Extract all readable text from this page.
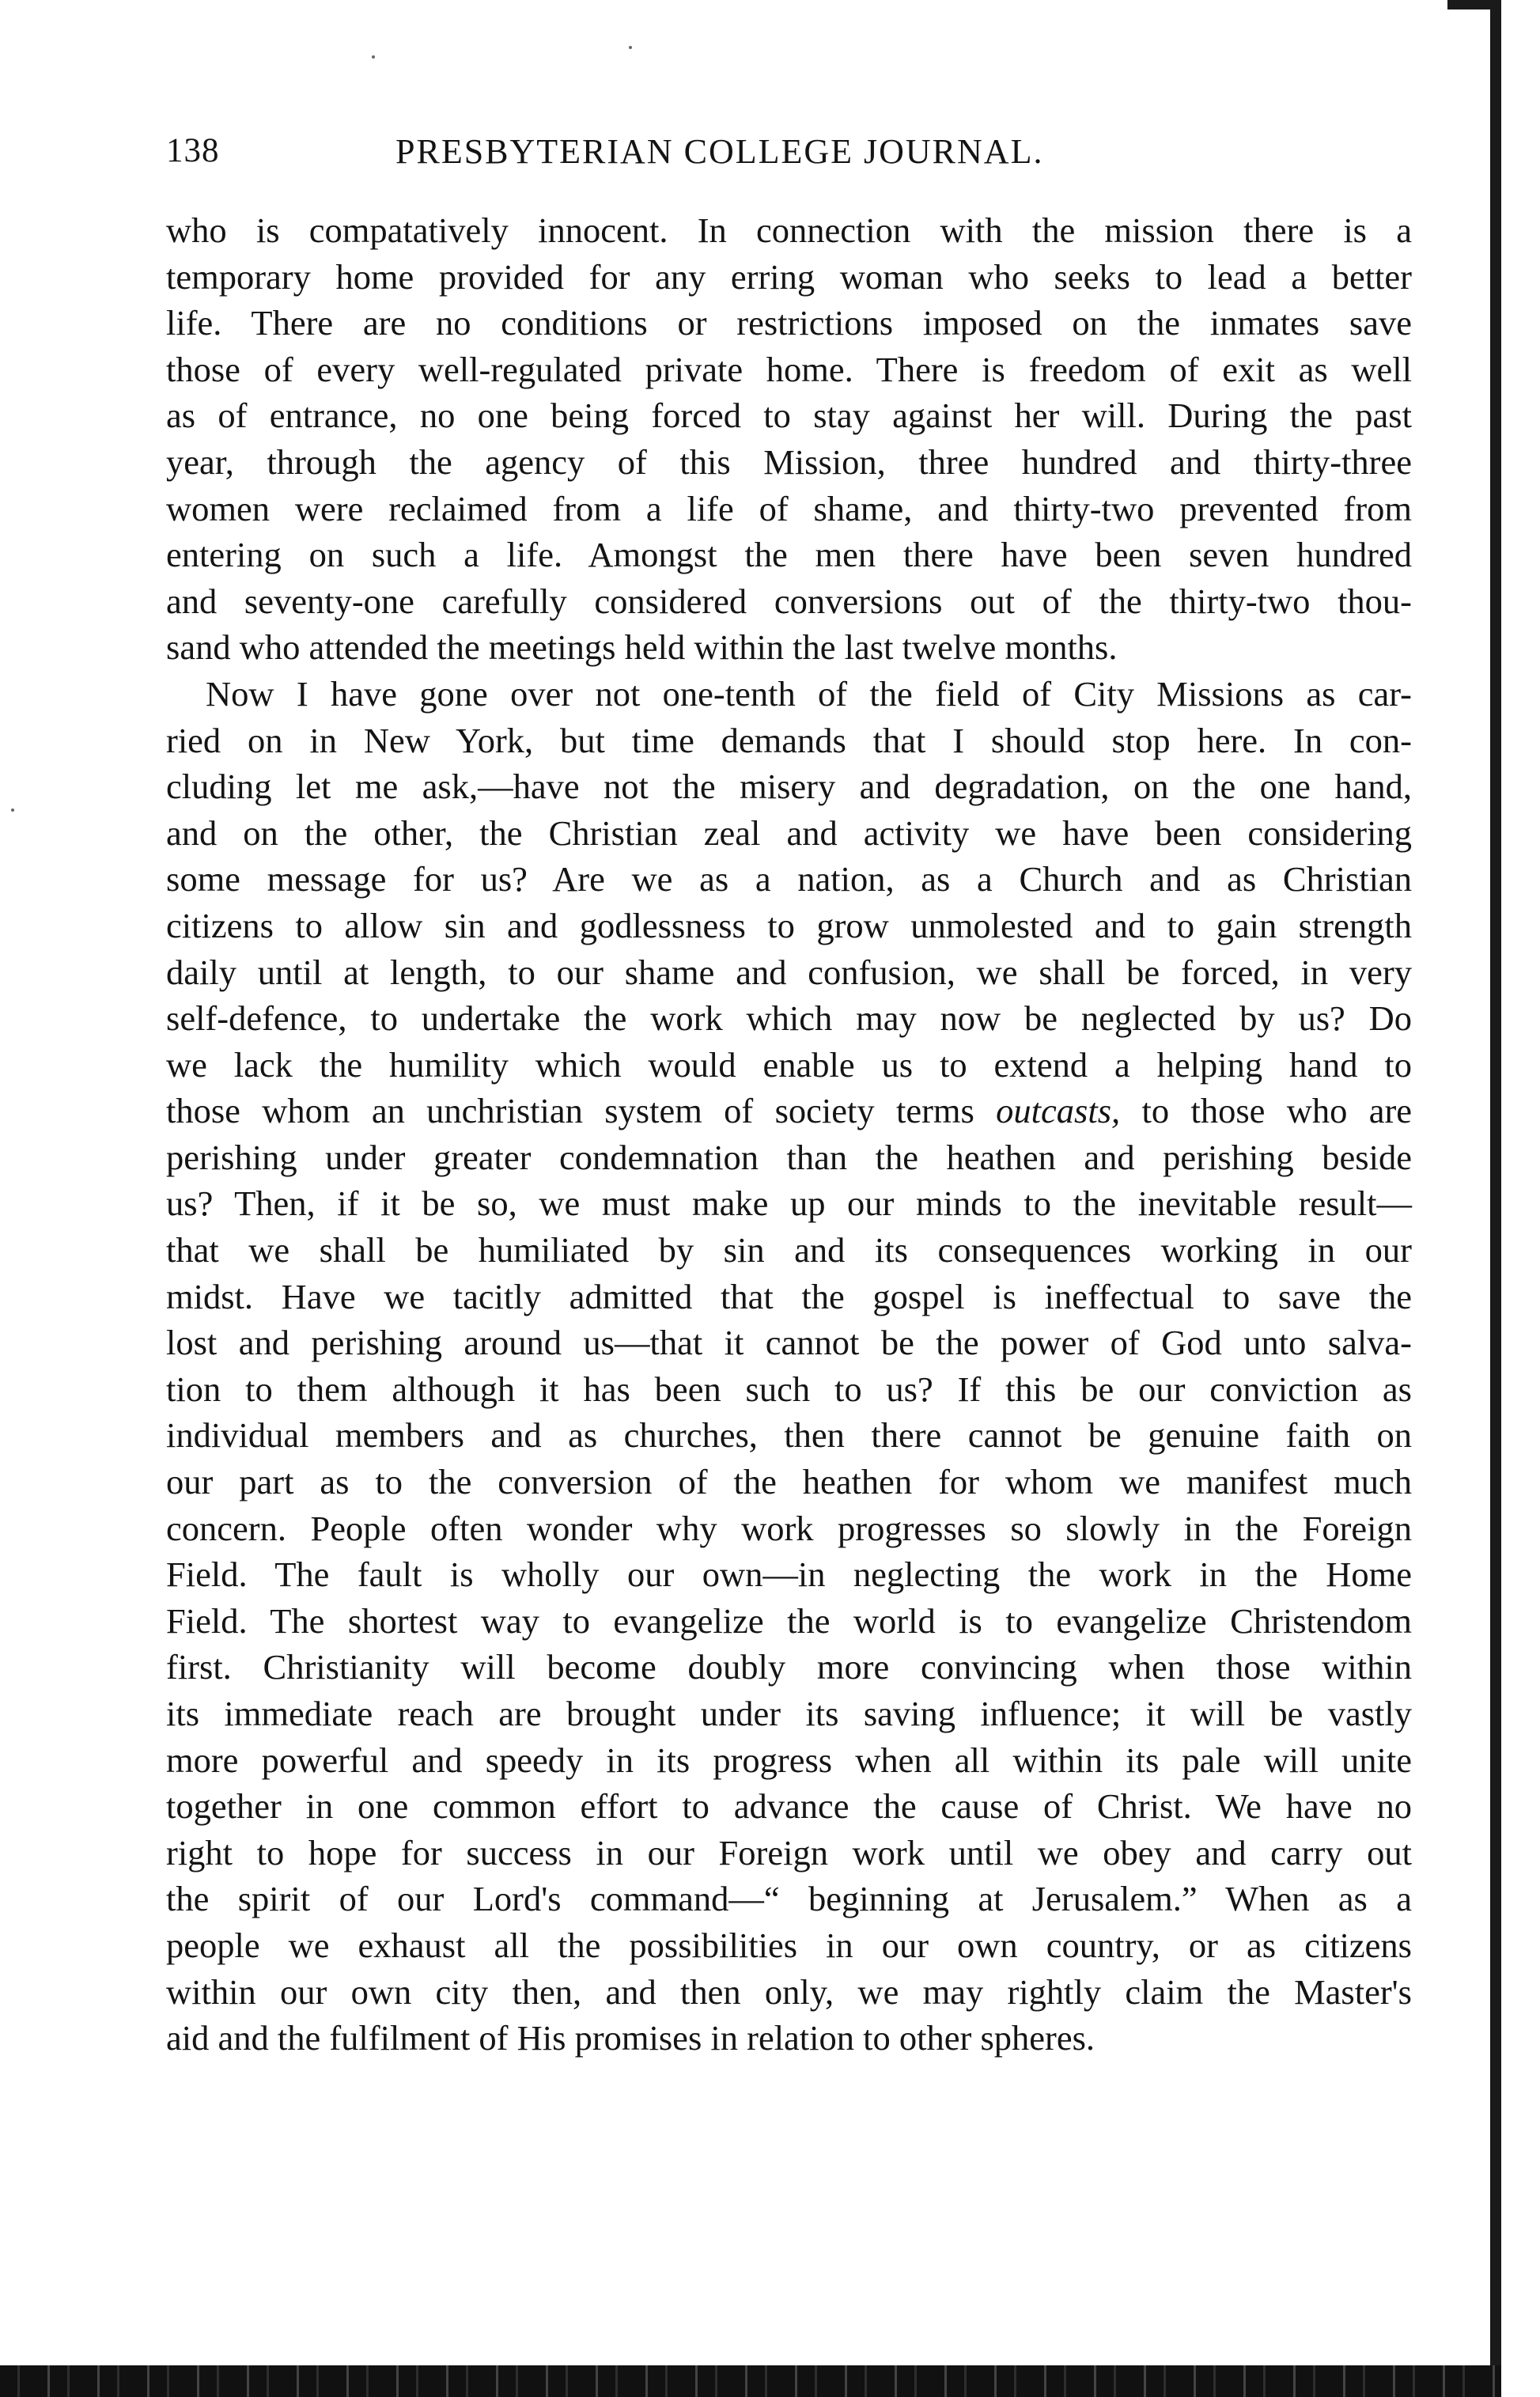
138	PRESBYTERIAN COLLEGE JOURNAL.
who is compatatively innocent. In connection with the mission there is a
temporary home provided for any erring woman who seeks to lead a better
life. There are no conditions or restrictions imposed on the inmates save
those of every well-regulated private home. There is freedom of exit as well
as of entrance, no one being forced to stay against her will. During the past
year, through the agency of this Mission, three hundred and thirty-three
women were reclaimed from a life of shame, and thirty-two prevented from
entering on such a life. Amongst the men there have been seven hundred
and seventy-one carefully considered conversions out of the thirty-two thou-
sand who attended the meetings held within the last twelve months.
Now I have gone over not one-tenth of the field of City Missions as car-
ried on in New York, but time demands that I should stop here. In con-
cluding let me ask,—have not the misery and degradation, on the one hand,
and on the other, the Christian zeal and activity we have been considering
some message for us? Are we as a nation, as a Church and as Christian
citizens to allow sin and godlessness to grow unmolested and to gain strength
daily until at length, to our shame and confusion, we shall be forced, in very
self-defence, to undertake the work which may now be neglected by us? Do
we lack the humility which would enable us to extend a helping hand to
those whom an unchristian system of society terms outcasts, to those who are
perishing under greater condemnation than the heathen and perishing beside
us? Then, if it be so, we must make up our minds to the inevitable result—
that we shall be humiliated by sin and its consequences working in our
midst. Have we tacitly admitted that the gospel is ineffectual to save the
lost and perishing around us—that it cannot be the power of God unto salva-
tion to them although it has been such to us? If this be our conviction as
individual members and as churches, then there cannot be genuine faith on
our part as to the conversion of the heathen for whom we manifest much
concern. People often wonder why work progresses so slowly in the Foreign
Field. The fault is wholly our own—in neglecting the work in the Home
Field. The shortest way to evangelize the world is to evangelize Christendom
first. Christianity will become doubly more convincing when those within
its immediate reach are brought under its saving influence; it will be vastly
more powerful and speedy in its progress when all within its pale will unite
together in one common effort to advance the cause of Christ. We have no
right to hope for success in our Foreign work until we obey and carry out
the spirit of our Lord's command—“ beginning at Jerusalem.” When as a
people we exhaust all the possibilities in our own country, or as citizens
within our own city then, and then only, we may rightly claim the Master's
aid and the fulfilment of His promises in relation to other spheres.
